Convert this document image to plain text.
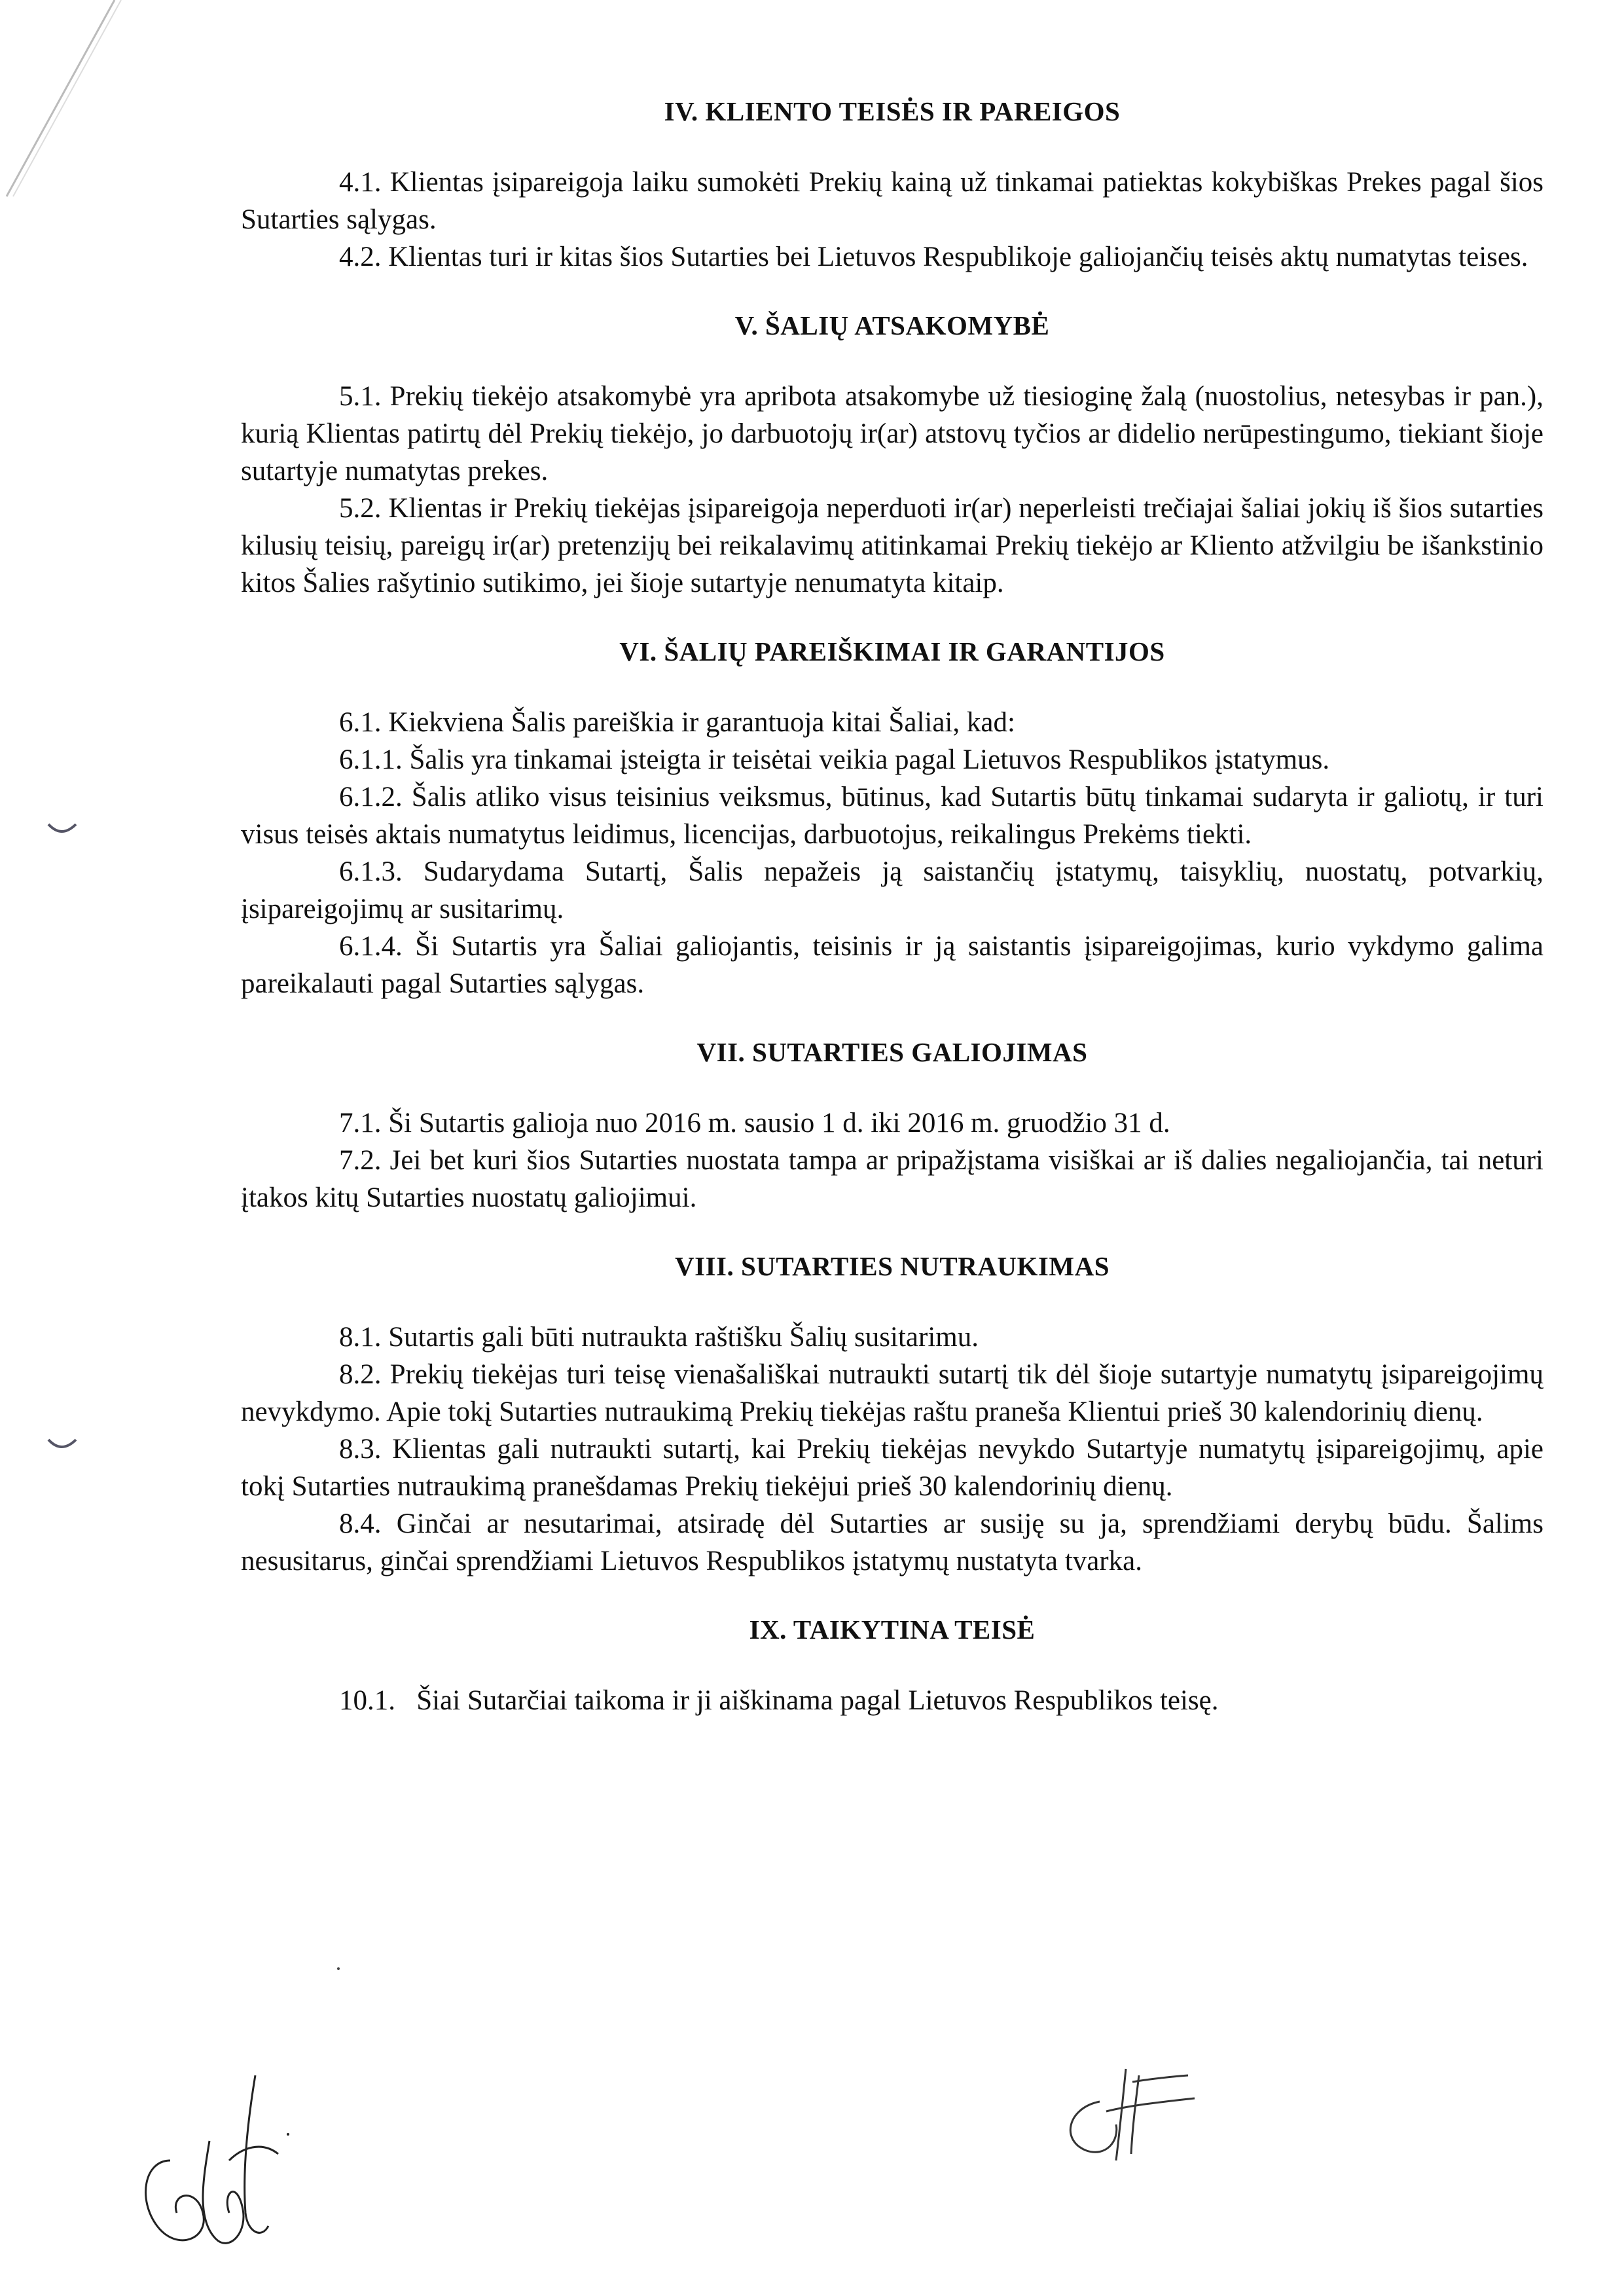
IV. KLIENTO TEISĖS IR PAREIGOS

4.1. Klientas įsipareigoja laiku sumokėti Prekių kainą už tinkamai patiektas kokybiškas Prekes pagal šios Sutarties sąlygas.

4.2. Klientas turi ir kitas šios Sutarties bei Lietuvos Respublikoje galiojančių teisės aktų numatytas teises.

V. ŠALIŲ ATSAKOMYBĖ

5.1. Prekių tiekėjo atsakomybė yra apribota atsakomybe už tiesioginę žalą (nuostolius, netesybas ir pan.), kurią Klientas patirtų dėl Prekių tiekėjo, jo darbuotojų ir(ar) atstovų tyčios ar didelio nerūpestingumo, tiekiant šioje sutartyje numatytas prekes.

5.2. Klientas ir Prekių tiekėjas įsipareigoja neperduoti ir(ar) neperleisti trečiajai šaliai jokių iš šios sutarties kilusių teisių, pareigų ir(ar) pretenzijų bei reikalavimų atitinkamai Prekių tiekėjo ar Kliento atžvilgiu be išankstinio kitos Šalies rašytinio sutikimo, jei šioje sutartyje nenumatyta kitaip.

VI. ŠALIŲ PAREIŠKIMAI IR GARANTIJOS

6.1. Kiekviena Šalis pareiškia ir garantuoja kitai Šaliai, kad:

6.1.1. Šalis yra tinkamai įsteigta ir teisėtai veikia pagal Lietuvos Respublikos įstatymus.

6.1.2. Šalis atliko visus teisinius veiksmus, būtinus, kad Sutartis būtų tinkamai sudaryta ir galiotų, ir turi visus teisės aktais numatytus leidimus, licencijas, darbuotojus, reikalingus Prekėms tiekti.

6.1.3. Sudarydama Sutartį, Šalis nepažeis ją saistančių įstatymų, taisyklių, nuostatų, potvarkių, įsipareigojimų ar susitarimų.

6.1.4. Ši Sutartis yra Šaliai galiojantis, teisinis ir ją saistantis įsipareigojimas, kurio vykdymo galima pareikalauti pagal Sutarties sąlygas.

VII. SUTARTIES GALIOJIMAS

7.1. Ši Sutartis galioja nuo 2016 m. sausio 1 d. iki 2016 m. gruodžio 31 d.

7.2. Jei bet kuri šios Sutarties nuostata tampa ar pripažįstama visiškai ar iš dalies negaliojančia, tai neturi įtakos kitų Sutarties nuostatų galiojimui.

VIII. SUTARTIES NUTRAUKIMAS

8.1. Sutartis gali būti nutraukta raštišku Šalių susitarimu.

8.2. Prekių tiekėjas turi teisę vienašališkai nutraukti sutartį tik dėl šioje sutartyje numatytų įsipareigojimų nevykdymo. Apie tokį Sutarties nutraukimą Prekių tiekėjas raštu praneša Klientui prieš 30 kalendorinių dienų.

8.3. Klientas gali nutraukti sutartį, kai Prekių tiekėjas nevykdo Sutartyje numatytų įsipareigojimų, apie tokį Sutarties nutraukimą pranešdamas Prekių tiekėjui prieš 30 kalendorinių dienų.

8.4. Ginčai ar nesutarimai, atsiradę dėl Sutarties ar susiję su ja, sprendžiami derybų būdu. Šalims nesusitarus, ginčai sprendžiami Lietuvos Respublikos įstatymų nustatyta tvarka.

IX. TAIKYTINA TEISĖ

10.1.   Šiai Sutarčiai taikoma ir ji aiškinama pagal Lietuvos Respublikos teisę.
